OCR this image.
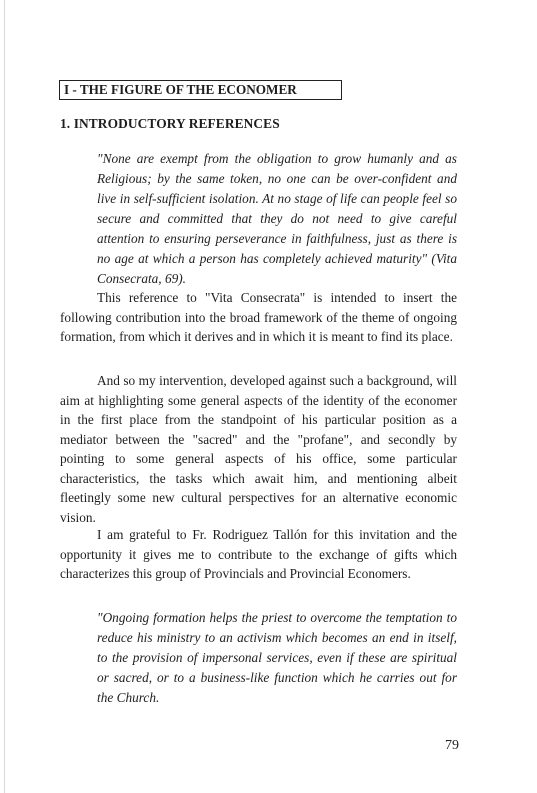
I - THE FIGURE OF THE ECONOMER
1. INTRODUCTORY REFERENCES

"None are exempt from the obligation to grow humanly and as Religious; by the same token, no one can be over-confident and live in self-sufficient isolation. At no stage of life can people feel so secure and committed that they do not need to give careful attention to ensuring perseverance in faithfulness, just as there is no age at which a person has completely achieved maturity" (Vita Consecrata, 69).

This reference to "Vita Consecrata" is intended to insert the following contribution into the broad framework of the theme of ongoing formation, from which it derives and in which it is meant to find its place.

And so my intervention, developed against such a background, will aim at highlighting some general aspects of the identity of the economer in the first place from the standpoint of his particular position as a mediator between the "sacred" and the "profane", and secondly by pointing to some general aspects of his office, some particular characteristics, the tasks which await him, and mentioning albeit fleetingly some new cultural perspectives for an alternative economic vision.

I am grateful to Fr. Rodriguez Tallón for this invitation and the opportunity it gives me to contribute to the exchange of gifts which characterizes this group of Provincials and Provincial Economers.

"Ongoing formation helps the priest to overcome the temptation to reduce his ministry to an activism which becomes an end in itself, to the provision of impersonal services, even if these are spiritual or sacred, or to a business-like function which he carries out for the Church.

79
